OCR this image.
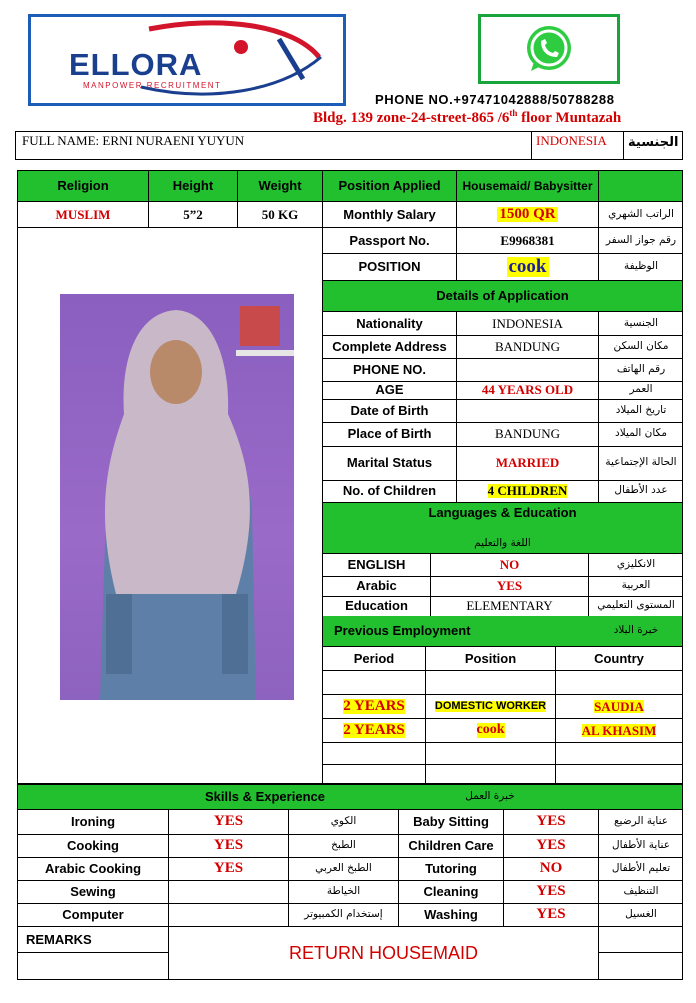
ELLORA
MANPOWER RECRUITMENT
PHONE NO.+97471042888/50788288
Bldg. 139 zone-24-street-865 /6th floor Muntazah
FULL NAME: ERNI NURAENI YUYUN	INDONESIA الجنسية
Religion	Height	Weight	Position Applied	Housemaid/ Babysitter
MUSLIM	5”2	50 KG	Monthly Salary	1500 QR	الراتب الشهري
Passport No.	E9968381	رقم جواز السفر
POSITION	cook	الوظيفة
Details of Application
Nationality	INDONESIA	الجنسية
Complete Address	BANDUNG	مكان السكن
PHONE NO.	رقم الهاتف
AGE	44 YEARS OLD	العمر
Date of Birth	تاريخ الميلاد
Place of Birth	BANDUNG	مكان الميلاد
Marital Status	MARRIED	الحالة الإجتماعية
No. of Children	4 CHILDREN	عدد الأطفال
Languages & Education
اللغة والتعليم
ENGLISH	NO	الانكليزي
Arabic	YES	العربية
Education	ELEMENTARY	المستوى التعليمي
Previous Employment	خبرة البلاد
Period	Position	Country
2 YEARS	DOMESTIC WORKER	SAUDIA
2 YEARS	cook	AL KHASIM
Skills & Experience	خبرة العمل
Ironing	YES	الكوي	Baby Sitting	YES	عناية الرضيع
Cooking	YES	الطبخ	Children Care	YES	عناية الأطفال
Arabic Cooking	YES	الطبخ العربي	Tutoring	NO	تعليم الأطفال
Sewing	الخياطة	Cleaning	YES	التنظيف
Computer	إستخدام الكمبيوتر	Washing	YES	الغسيل
REMARKS
RETURN HOUSEMAID
